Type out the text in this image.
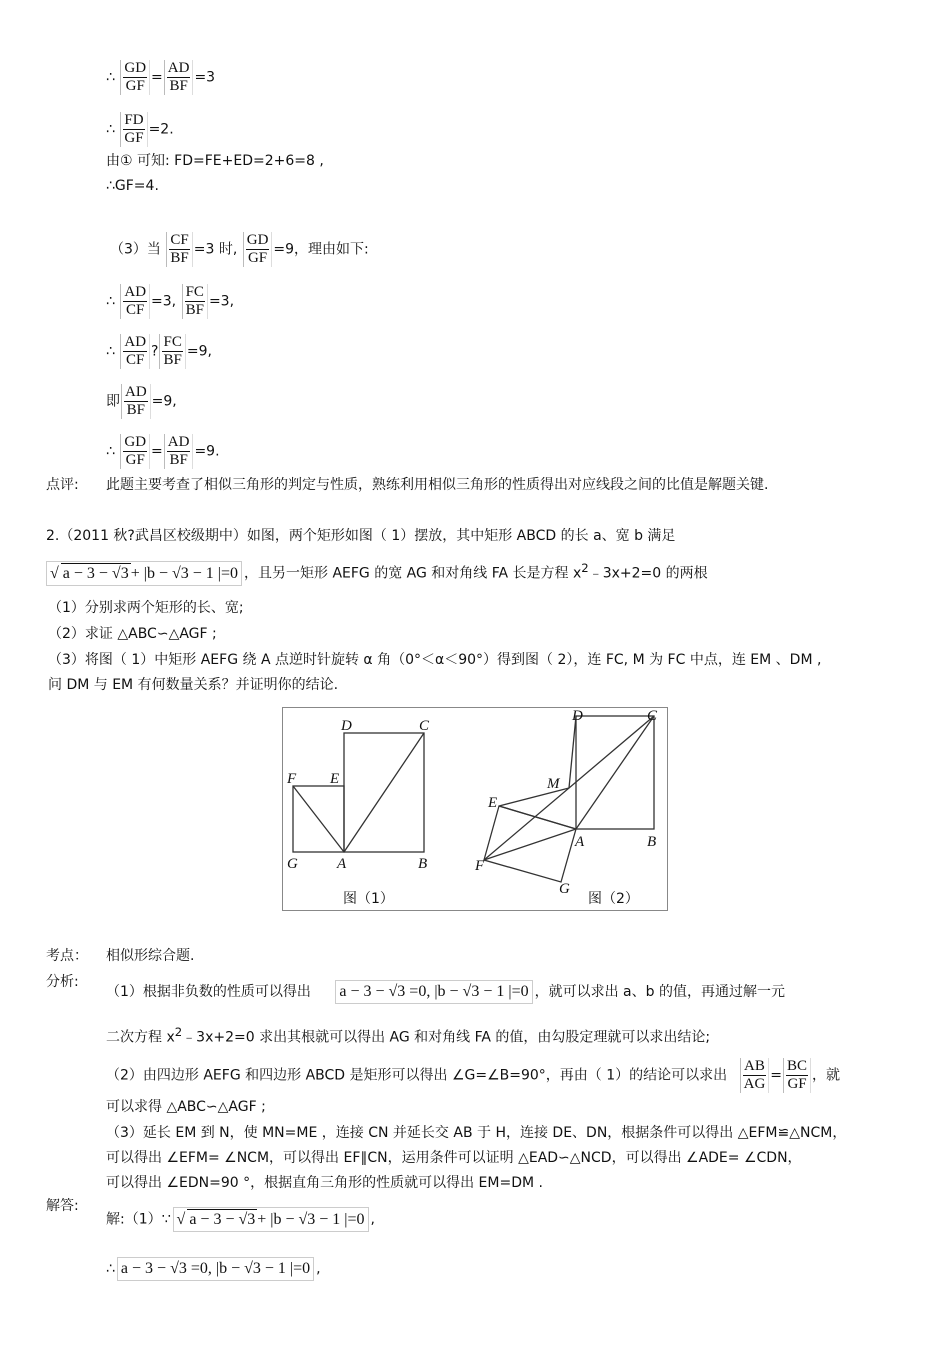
∴ $\frac{GD}{GF} = \frac{AD}{BF} =3$
∴ $\frac{FD}{GF} =2$.
由① 可知: FD=FE+ED=2+6=8 ,
∴GF=4.
（3）当 $\frac{CF}{BF} =3$ 时, $\frac{GD}{GF} =9$，理由如下:
∴ $\frac{AD}{CF} =3$, $\frac{FC}{BF} =3$,
∴ $\frac{AD}{CF}$ ? $\frac{FC}{BF} =9$,
即 $\frac{AD}{BF} =9$,
∴ $\frac{GD}{GF} = \frac{AD}{BF} =9$.
点评: 此题主要考查了相似三角形的判定与性质，熟练利用相似三角形的性质得出对应线段之间的比值是解题关键.
2.（2011 秋?武昌区校级期中）如图，两个矩形如图（ 1）摆放，其中矩形 ABCD 的长 a、宽 b 满足
√ a − 3 − √3 + |b − √3 − 1 |=0 ，且另一矩形 AEFG 的宽 AG 和对角线 FA 长是方程 $x^2﹣3x+2=0$ 的两根
（1）分别求两个矩形的长、宽;
（2）求证 △ABC∽△AGF ;
（3）将图（ 1）中矩形 AEFG 绕 A 点逆时针旋转 α 角（0°＜α＜90°）得到图（ 2），连 FC, M 为 FC 中点，连 EM 、DM ,
问 DM 与 EM 有何数量关系？并证明你的结论.
D	C
F E
G	A	B
图（1）
D	C
M
E
A	B
F
G
图（2）
考点： 相似形综合题.
分析:
（1）根据非负数的性质可以得出 a − 3 − √3 =0, |b − √3 − 1 |=0 ，就可以求出 a、b 的值，再通过解一元
二次方程 $x^2﹣3x+2=0$ 求出其根就可以得出 AG 和对角线 FA 的值，由勾股定理就可以求出结论;
（2）由四边形 AEFG 和四边形 ABCD 是矩形可以得出 ∠G=∠B=90°，再由（ 1）的结论可以求出 $\frac{AB}{AG} = \frac{BC}{GF}$ ，就
可以求得 △ABC∽△AGF ;
（3）延长 EM 到 N，使 MN=ME ，连接 CN 并延长交 AB 于 H，连接 DE、DN，根据条件可以得出 △EFM≌△NCM，
可以得出 ∠EFM= ∠NCM，可以得出 EF∥CN，运用条件可以证明 △EAD∽△NCD，可以得出 ∠ADE= ∠CDN，
可以得出 ∠EDN=90 °，根据直角三角形的性质就可以得出 EM=DM .
解答:
解:（1）∵ √ a − 3 − √3 + |b − √3 − 1 |=0 ,
∴ a − 3 − √3 =0, |b − √3 − 1 |=0 ,
